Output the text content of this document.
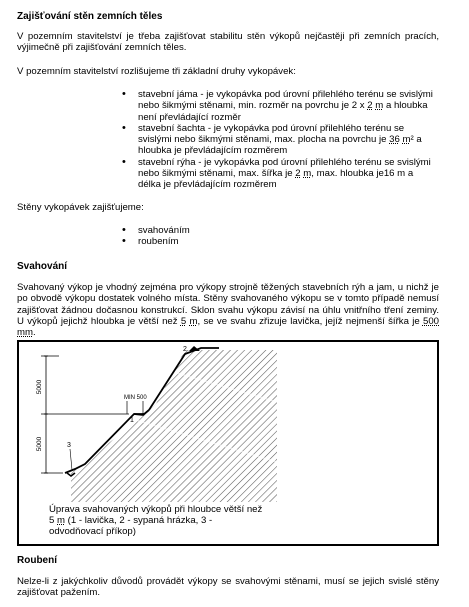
Zajišťování stěn zemních těles

V pozemním stavitelství je třeba zajišťovat stabilitu stěn výkopů nejčastěji při zemních pracích, výjimečně při zajišťování zemních těles.

V pozemním stavitelství rozlišujeme tři základní druhy vykopávek:

• stavební jáma - je vykopávka pod úrovní přilehlého terénu se svislými nebo šikmými stěnami, min. rozměr na povrchu je 2 x 2 m a hloubka není převládající rozměr
• stavební šachta - je vykopávka pod úrovní přilehlého terénu se svislými nebo šikmými stěnami, max. plocha na povrchu je 36 m² a hloubka je převládajícím rozměrem
• stavební rýha - je vykopávka pod úrovní přilehlého terénu se svislými nebo šikmými stěnami, max. šířka je 2 m, max. hloubka je16 m a délka je převládajícím rozměrem

Stěny vykopávek zajišťujeme:

• svahováním
• roubením
Svahování

Svahovaný výkop je vhodný zejména pro výkopy strojně těžených stavebních rýh a jam, u nichž je po obvodě výkopu dostatek volného místa. Stěny svahovaného výkopu se v tomto případě nemusí zajišťovat žádnou dočasnou konstrukcí. Sklon svahu výkopu závisí na úhlu vnitřního tření zeminy. U výkopů jejichž hloubka je větší než 5 m, se ve svahu zřizuje lavička, jejíž nejmenší šířka je 500 mm.

5000
5000
MIN 500
1
2
3
Úprava svahovaných výkopů při hloubce větší než 5 m (1 - lavička, 2 - sypaná hrázka, 3 - odvodňovací příkop)
Roubení

Nelze-li z jakýchkoliv důvodů provádět výkopy se svahovými stěnami, musí se jejich svislé stěny zajišťovat pažením.
